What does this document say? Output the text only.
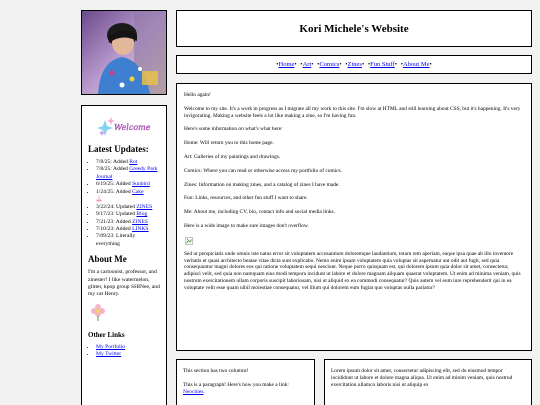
Kori Michele's Website
•Home• •Art• •Comics• •Zines• •Fun Stuff• •About Me•
Welcome
Latest Updates:
• 7/8/25: Added Rot
• 7/8/25: Added Greedy Park Journal
• 6/19/25: Added Sunbird
• 1/24/25: Added Cake

• 3/22/24: Updated ZINES
• 9/17/23: Updated Blog
• 7/21/23: Added ZINES
• 7/10/23: Added LINKS
• 7/09/23: Literally everything
About Me

I'm a cartoonist, professor, and zinester! I like watermelon, glitter, kpop group SHINee, and my cat Henry.

Other Links
• My Portfolio
• My Twitter

Hello again!

Welcome to my site. It's a work in progress as I migrate all my work to this site. I'm slow at HTML and still learning about CSS, but it's happening. It's very invigorating. Making a website feels a lot like making a zine, so I'm having fun.

Here's some information on what's what here:

Home: Will return you to this home page.

Art: Galleries of my paintings and drawings.

Comics: Where you can read or otherwise access my portfolio of comics.

Zines: Information on making zines, and a catalog of zines I have made.

Fun: Links, resources, and other fun stuff I want to share.

Me: About me, including CV, bio, contact info and social media links.

Here is a wide image to make sure images don't overflow.

Sed ut perspiciatis unde omnis iste natus error sit voluptatem accusantium doloremque laudantium, totam rem aperiam, eaque ipsa quae ab illo inventore veritatis et quasi architecto beatae vitae dicta sunt explicabo. Nemo enim ipsam voluptatem quia voluptas sit aspernatur aut odit aut fugit, sed quia consequuntur magni dolores eos qui ratione voluptatem sequi nesciunt. Neque porro quisquam est, qui dolorem ipsum quia dolor sit amet, consectetur, adipisci velit, sed quia non numquam eius modi tempora incidunt ut labore et dolore magnam aliquam quaerat voluptatem. Ut enim ad minima veniam, quis nostrum exercitationem ullam corporis suscipit laboriosam, nisi ut aliquid ex ea commodi consequatur? Quis autem vel eum iure reprehenderit qui in ea voluptate velit esse quam nihil molestiae consequatur, vel illum qui dolorem eum fugiat quo voluptas nulla pariatur?

This section has two columns!

This is a paragraph! Here's how you make a link: Neocities.

Lorem ipsum dolor sit amet, consectetur adipiscing elit, sed do eiusmod tempor incididunt ut labore et dolore magna aliqua. Ut enim ad minim veniam, quis nostrud exercitation ullamco laboris nisi ut aliquip ex
